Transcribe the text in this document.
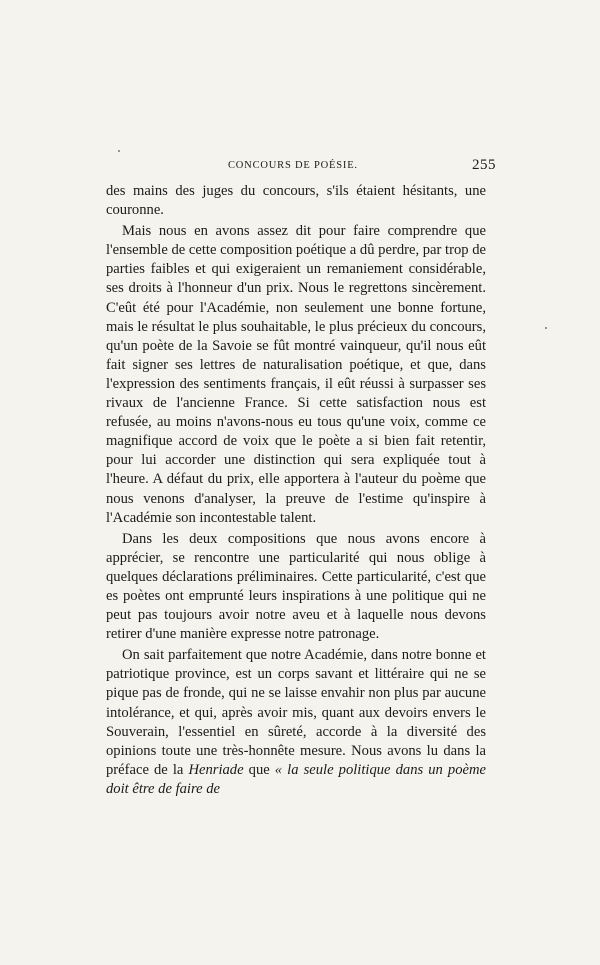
CONCOURS DE POÉSIE.	255

des mains des juges du concours, s'ils étaient hésitants, une couronne.

Mais nous en avons assez dit pour faire comprendre que l'ensemble de cette composition poétique a dû perdre, par trop de parties faibles et qui exigeraient un remaniement considérable, ses droits à l'honneur d'un prix. Nous le regrettons sincèrement. C'eût été pour l'Académie, non seulement une bonne fortune, mais le résultat le plus souhaitable, le plus précieux du concours, qu'un poète de la Savoie se fût montré vainqueur, qu'il nous eût fait signer ses lettres de naturalisation poétique, et que, dans l'expression des sentiments français, il eût réussi à surpasser ses rivaux de l'ancienne France. Si cette satisfaction nous est refusée, au moins n'avons-nous eu tous qu'une voix, comme ce magnifique accord de voix que le poète a si bien fait retentir, pour lui accorder une distinction qui sera expliquée tout à l'heure. A défaut du prix, elle apportera à l'auteur du poème que nous venons d'analyser, la preuve de l'estime qu'inspire à l'Académie son incontestable talent.

Dans les deux compositions que nous avons encore à apprécier, se rencontre une particularité qui nous oblige à quelques déclarations préliminaires. Cette particularité, c'est que es poètes ont emprunté leurs inspirations à une politique qui ne peut pas toujours avoir notre aveu et à laquelle nous devons retirer d'une manière expresse notre patronage.

On sait parfaitement que notre Académie, dans notre bonne et patriotique province, est un corps savant et littéraire qui ne se pique pas de fronde, qui ne se laisse envahir non plus par aucune intolérance, et qui, après avoir mis, quant aux devoirs envers le Souverain, l'essentiel en sûreté, accorde à la diversité des opinions toute une très-honnête mesure. Nous avons lu dans la préface de la Henriade que « la seule politique dans un poème doit être de faire de
